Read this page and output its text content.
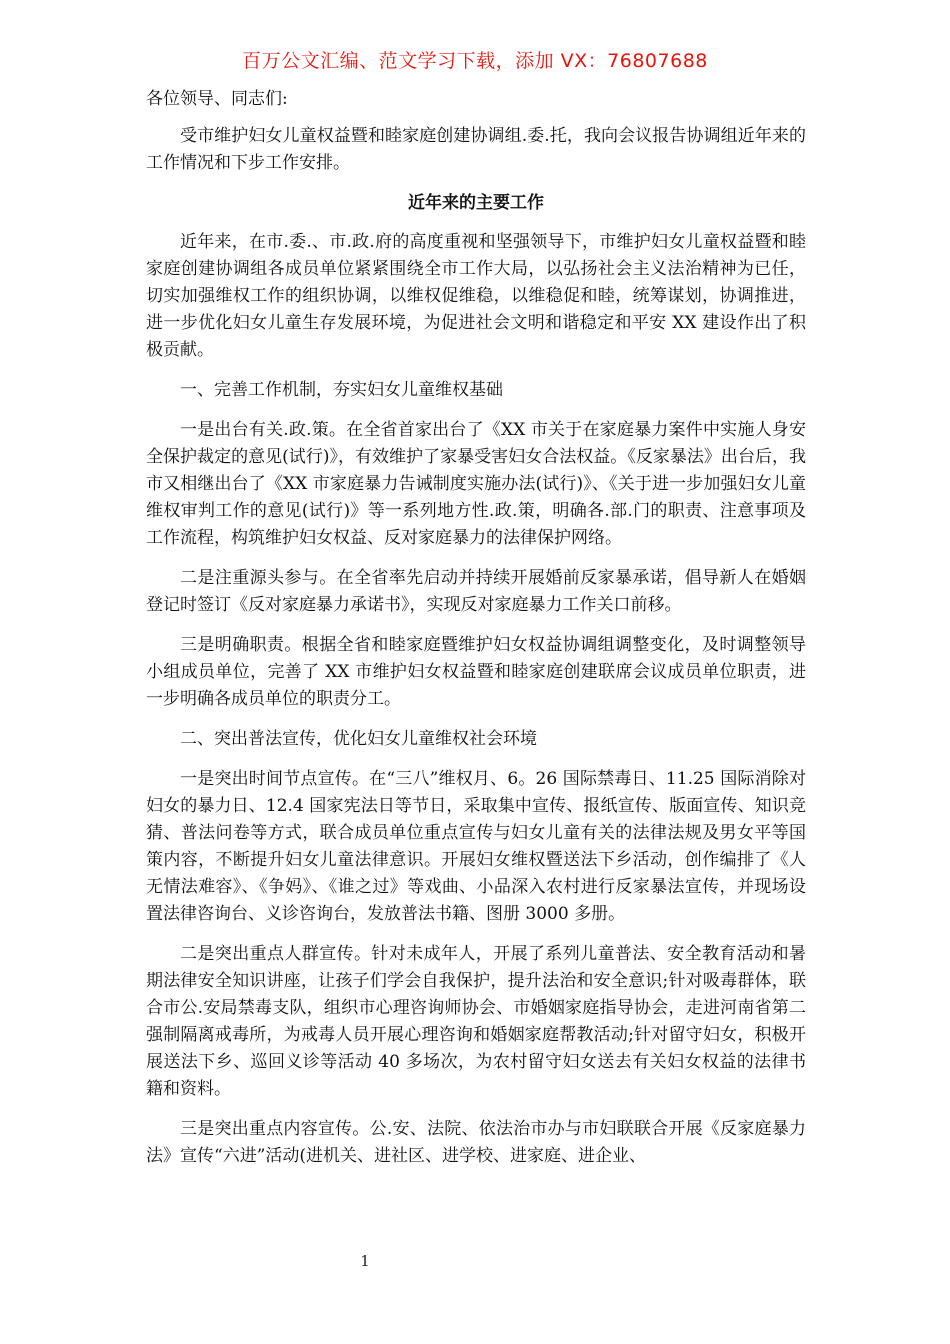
百万公文汇编、范文学习下载，添加 VX：76807688

各位领导、同志们:

受市维护妇女儿童权益暨和睦家庭创建协调组.委.托，我向会议报告协调组近年来的工作情况和下步工作安排。

近年来的主要工作

近年来，在市.委.、市.政.府的高度重视和坚强领导下，市维护妇女儿童权益暨和睦家庭创建协调组各成员单位紧紧围绕全市工作大局，以弘扬社会主义法治精神为已任，切实加强维权工作的组织协调，以维权促维稳，以维稳促和睦，统筹谋划，协调推进，进一步优化妇女儿童生存发展环境，为促进社会文明和谐稳定和平安 XX 建设作出了积极贡献。

一、完善工作机制，夯实妇女儿童维权基础

一是出台有关.政.策。在全省首家出台了《XX 市关于在家庭暴力案件中实施人身安全保护裁定的意见(试行)》，有效维护了家暴受害妇女合法权益。《反家暴法》出台后，我市又相继出台了《XX 市家庭暴力告诫制度实施办法(试行)》、《关于进一步加强妇女儿童维权审判工作的意见(试行)》等一系列地方性.政.策，明确各.部.门的职责、注意事项及工作流程，构筑维护妇女权益、反对家庭暴力的法律保护网络。

二是注重源头参与。在全省率先启动并持续开展婚前反家暴承诺，倡导新人在婚姻登记时签订《反对家庭暴力承诺书》，实现反对家庭暴力工作关口前移。

三是明确职责。根据全省和睦家庭暨维护妇女权益协调组调整变化，及时调整领导小组成员单位，完善了 XX 市维护妇女权益暨和睦家庭创建联席会议成员单位职责，进一步明确各成员单位的职责分工。

二、突出普法宣传，优化妇女儿童维权社会环境

一是突出时间节点宣传。在“三八”维权月、6。26 国际禁毒日、11.25 国际消除对妇女的暴力日、12.4 国家宪法日等节日，采取集中宣传、报纸宣传、版面宣传、知识竞猜、普法问卷等方式，联合成员单位重点宣传与妇女儿童有关的法律法规及男女平等国策内容，不断提升妇女儿童法律意识。开展妇女维权暨送法下乡活动，创作编排了《人无情法难容》、《争妈》、《谁之过》等戏曲、小品深入农村进行反家暴法宣传，并现场设置法律咨询台、义诊咨询台，发放普法书籍、图册 3000 多册。

二是突出重点人群宣传。针对未成年人，开展了系列儿童普法、安全教育活动和暑期法律安全知识讲座，让孩子们学会自我保护，提升法治和安全意识;针对吸毒群体，联合市公.安局禁毒支队，组织市心理咨询师协会、市婚姻家庭指导协会，走进河南省第二强制隔离戒毒所，为戒毒人员开展心理咨询和婚姻家庭帮教活动;针对留守妇女，积极开展送法下乡、巡回义诊等活动 40 多场次，为农村留守妇女送去有关妇女权益的法律书籍和资料。

三是突出重点内容宣传。公.安、法院、依法治市办与市妇联联合开展《反家庭暴力法》宣传“六进”活动(进机关、进社区、进学校、进家庭、进企业、

1
